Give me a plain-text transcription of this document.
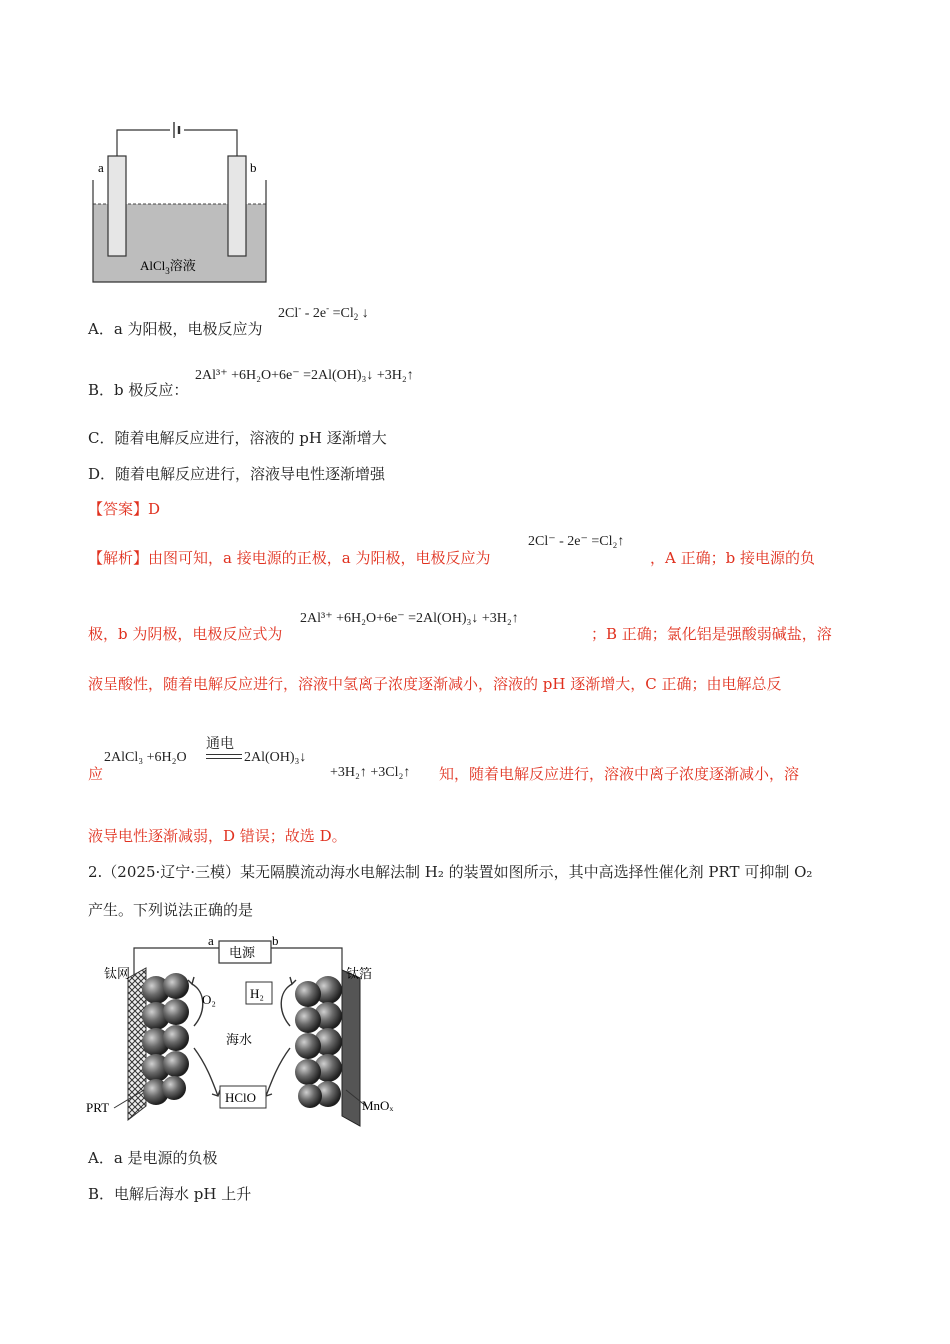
a	b
AlCl$_3$溶液
A．a 为阳极，电极反应为
$2Cl^- - 2e^- =Cl_2$ ↓
B．b 极反应：
2Al³⁺ +6H₂O+6e⁻ =2Al(OH)₃↓ +3H₂↑
C．随着电解反应进行，溶液的 pH 逐渐增大
D．随着电解反应进行，溶液导电性逐渐增强
【答案】D
【解析】由图可知，a 接电源的正极，a 为阳极，电极反应为
2Cl⁻ - 2e⁻ =Cl₂↑
，A 正确；b 接电源的负
极，b 为阴极，电极反应式为
2Al³⁺ +6H₂O+6e⁻ =2Al(OH)₃↓ +3H₂↑
；B 正确；氯化铝是强酸弱碱盐，溶
液呈酸性，随着电解反应进行，溶液中氢离子浓度逐渐减小，溶液的 pH 逐渐增大，C 正确；由电解总反
应
2AlCl₃ +6H₂O
通电
2Al(OH)₃↓
+3H₂↑ +3Cl₂↑ 知，随着电解反应进行，溶液中离子浓度逐渐减小，溶
液导电性逐渐减弱，D 错误；故选 D。
2.（2025·辽宁·三模）某无隔膜流动海水电解法制 H₂ 的装置如图所示，其中高选择性催化剂 PRT 可抑制 O₂
产生。下列说法正确的是
电源
a	b
O₂	H₂
海水
HClO
钛网	钛箔
PRT	MnOₓ
A．a 是电源的负极
B．电解后海水 pH 上升
